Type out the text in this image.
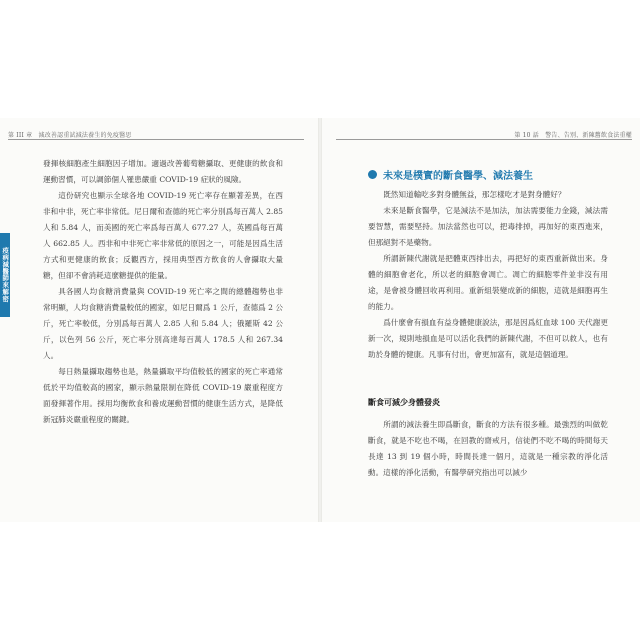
第 III 章　減改善認重試減法養生的免疫醫思
疫病減醫師來解密

發揮核細胞產生細胞因子增加。適過改善葡萄糖攝取、更健康的飲食和運動習慣，可以調節個人罹患嚴重 COVID-19 症狀的風險。

這份研究也顯示全球各地 COVID-19 死亡率存在顯著差異，在西非和中非，死亡率非常低。尼日爾和查德的死亡率分別爲每百萬人 2.85 人和 5.84 人，而美國的死亡率爲每百萬人 677.27 人，英國爲每百萬人 662.85 人。西非和中非死亡率非常低的原因之一，可能是因爲生活方式和更健康的飲食；反觀西方，採用典型西方飲食的人會攝取大量糖，但卻不會消耗這麼糖提供的能量。

具各國人均食糖消費量與 COVID-19 死亡率之間的總體趨勢也非常明顯，人均食糖消費量較低的國家，如尼日爾爲 1 公斤，查德爲 2 公斤，死亡率較低，分別爲每百萬人 2.85 人和 5.84 人；俄羅斯 42 公斤，以色列 56 公斤，死亡率分別高達每百萬人 178.5 人和 267.34 人。

每日熱量攝取趨勢也是，熱量攝取平均值較低的國家的死亡率通常低於平均值較高的國家，顯示熱量限制在降低 COVID-19 嚴重程度方面發揮著作用。採用均衡飲食和養成運動習慣的健康生活方式，是降低新冠肺炎嚴重程度的關鍵。

第 10 話　警告、告別、新陳舊飲食法重權
未來是樸實的斷食醫學、減法養生

既然知道輸吃多對身體無益，那怎樣吃才是對身體好？

未來是斷食醫學，它是減法不是加法，加法需要能力金錢，減法需要智慧，需要堅持。加法當然也可以，把毒排掉，再加好的東西進來，但那絕對不是藥物。

所謂新陳代謝就是把體東西排出去，再把好的東西重新做出來。身體的細胞會老化，所以老的細胞會凋亡。凋亡的細胞零件並非沒有用途，是會被身體回收再利用。重新組裝變成新的細胞，這就是細胞再生的能力。

爲什麼會有損血有益身體健康說法，那是因爲紅血球 100 天代謝更新一次，規則地損血是可以活化我們的新陳代謝，不但可以救人，也有助於身體的健康。凡事有付出，會更加富有，就是這個道理。

斷食可減少身體發炎

所謂的減法養生即爲斷食，斷食的方法有很多種。最強烈的叫做乾斷食，就是不吃也不喝，在回教的齋戒月，信徒們不吃不喝的時間每天長達 13 到 19 個小時，時間長達一個月，這就是一種宗教的淨化活動。這樣的淨化活動，有醫學研究指出可以減少
